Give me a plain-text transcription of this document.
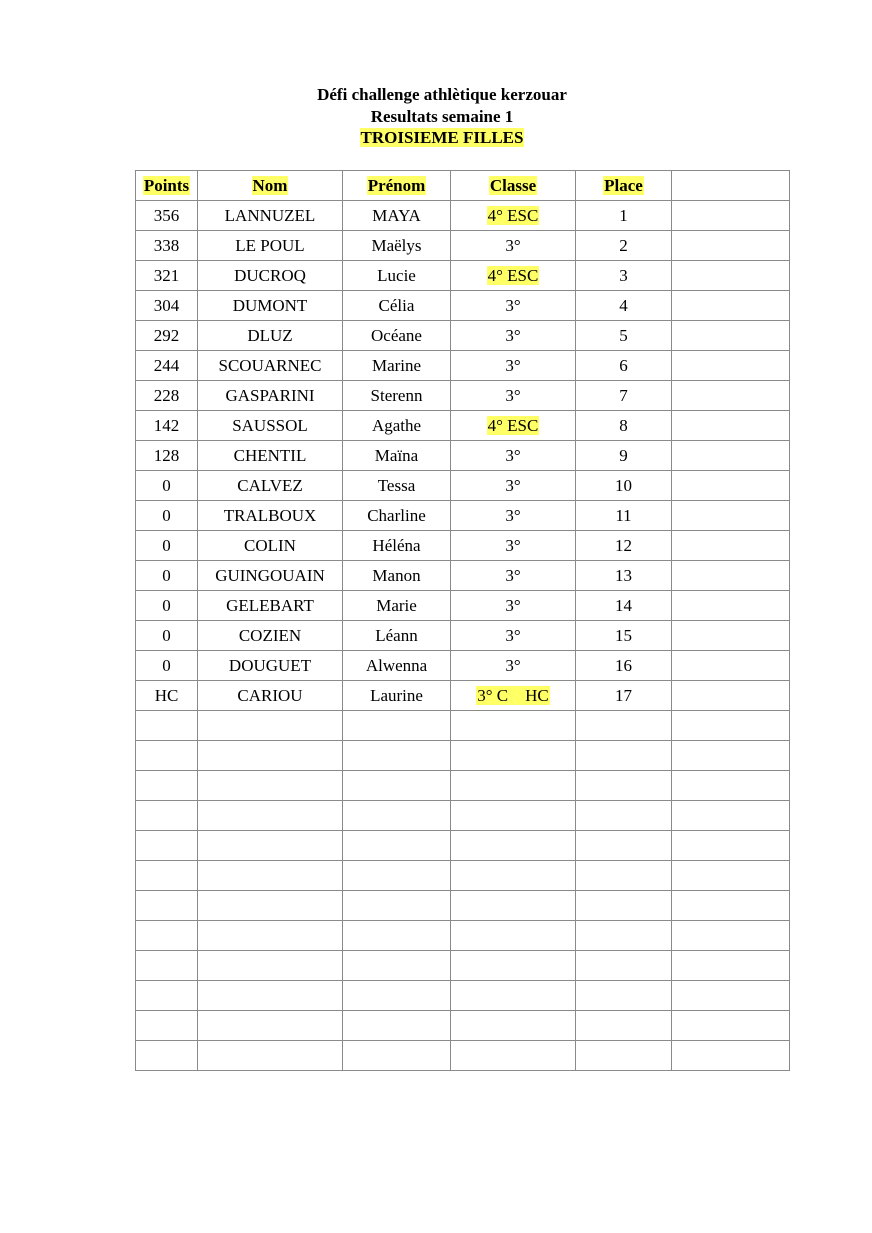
Défi challenge athlètique kerzouar
Resultats semaine 1
TROISIEME FILLES
Points	Nom	Prénom	Classe	Place	
356	LANNUZEL	MAYA	4° ESC	1	
338	LE POUL	Maëlys	3°	2	
321	DUCROQ	Lucie	4° ESC	3	
304	DUMONT	Célia	3°	4	
292	DLUZ	Océane	3°	5	
244	SCOUARNEC	Marine	3°	6	
228	GASPARINI	Sterenn	3°	7	
142	SAUSSOL	Agathe	4° ESC	8	
128	CHENTIL	Maïna	3°	9	
0	CALVEZ	Tessa	3°	10	
0	TRALBOUX	Charline	3°	11	
0	COLIN	Héléna	3°	12	
0	GUINGOUAIN	Manon	3°	13	
0	GELEBART	Marie	3°	14	
0	COZIEN	Léann	3°	15	
0	DOUGUET	Alwenna	3°	16	
HC	CARIOU	Laurine	3° C    HC	17	
